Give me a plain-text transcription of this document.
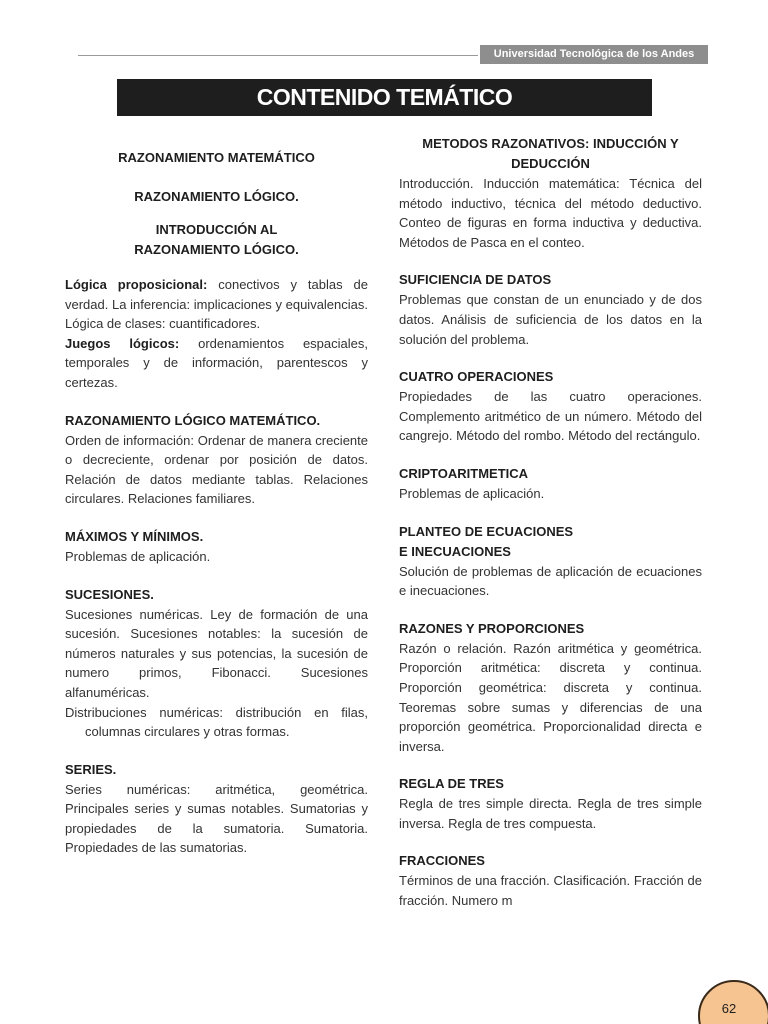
Universidad Tecnológica de los Andes
CONTENIDO TEMÁTICO
RAZONAMIENTO MATEMÁTICO
RAZONAMIENTO LÓGICO.
INTRODUCCIÓN AL
RAZONAMIENTO LÓGICO.

Lógica proposicional: conectivos y tablas de verdad. La inferencia: implicaciones y equivalencias. Lógica de clases: cuantificadores.

Juegos lógicos: ordenamientos espaciales, temporales y de información, parentescos y certezas.

RAZONAMIENTO LÓGICO MATEMÁTICO.

Orden de información: Ordenar de manera creciente o decreciente, ordenar por posición de datos. Relación de datos mediante tablas. Relaciones circulares. Relaciones familiares.

MÁXIMOS Y MÍNIMOS.

Problemas de aplicación.

SUCESIONES.

Sucesiones numéricas. Ley de formación de una sucesión. Sucesiones notables: la sucesión de números naturales y sus potencias, la sucesión de numero primos, Fibonacci. Sucesiones alfanuméricas.

Distribuciones numéricas: distribución en filas, columnas circulares y otras formas.

SERIES.

Series numéricas: aritmética, geométrica. Principales series y sumas notables. Sumatorias y propiedades de la sumatoria. Sumatoria. Propiedades de las sumatorias.

METODOS RAZONATIVOS: INDUCCIÓN Y DEDUCCIÓN

Introducción. Inducción matemática: Técnica del método inductivo, técnica del método deductivo. Conteo de figuras en forma inductiva y deductiva. Métodos de Pasca en el conteo.

SUFICIENCIA DE DATOS

Problemas que constan de un enunciado y de dos datos. Análisis de suficiencia de los datos en la solución del problema.

CUATRO OPERACIONES

Propiedades de las cuatro operaciones. Complemento aritmético de un número. Método del cangrejo. Método del rombo. Método del rectángulo.

CRIPTOARITMETICA

Problemas de aplicación.

PLANTEO DE ECUACIONES
E INECUACIONES

Solución de problemas de aplicación de ecuaciones e inecuaciones.

RAZONES Y PROPORCIONES

Razón o relación. Razón aritmética y geométrica. Proporción aritmética: discreta y continua. Proporción geométrica: discreta y continua. Teoremas sobre sumas y diferencias de una proporción geométrica. Proporcionalidad directa e inversa.

REGLA DE TRES

Regla de tres simple directa. Regla de tres simple inversa. Regla de tres compuesta.

FRACCIONES

Términos de una fracción. Clasificación. Fracción de fracción. Numero m

62
